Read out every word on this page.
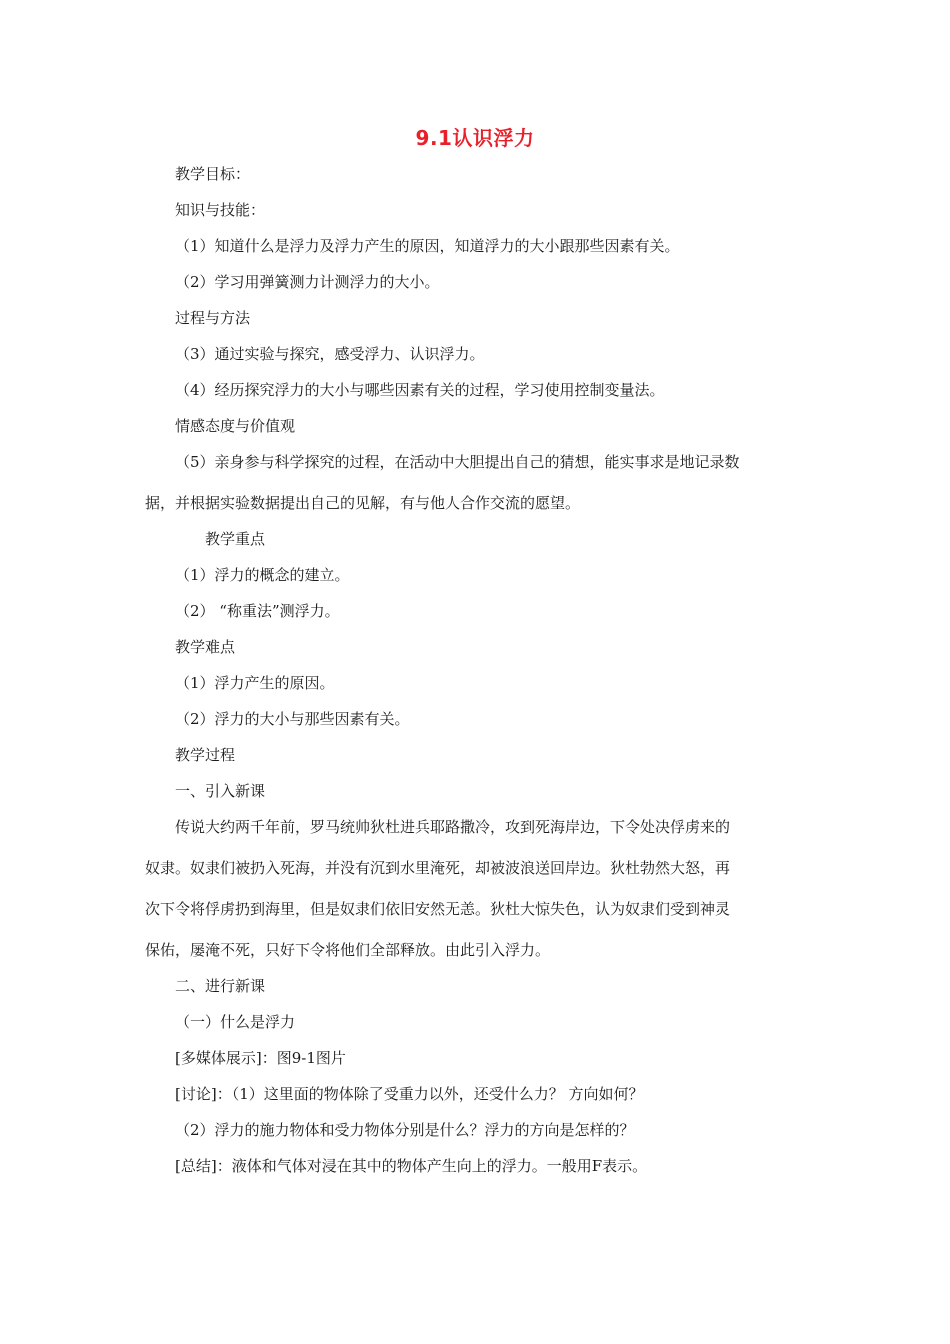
9.1认识浮力
教学目标：
知识与技能：
（1）知道什么是浮力及浮力产生的原因，知道浮力的大小跟那些因素有关。
（2）学习用弹簧测力计测浮力的大小。
过程与方法
（3）通过实验与探究，感受浮力、认识浮力。
（4）经历探究浮力的大小与哪些因素有关的过程，学习使用控制变量法。
情感态度与价值观
（5）亲身参与科学探究的过程，在活动中大胆提出自己的猜想，能实事求是地记录数
据，并根据实验数据提出自己的见解，有与他人合作交流的愿望。
教学重点
（1）浮力的概念的建立。
（2） “称重法”测浮力。
教学难点
（1）浮力产生的原因。
（2）浮力的大小与那些因素有关。
教学过程
一、引入新课
传说大约两千年前，罗马统帅狄杜进兵耶路撒冷，攻到死海岸边，下令处决俘虏来的
奴隶。奴隶们被扔入死海，并没有沉到水里淹死，却被波浪送回岸边。狄杜勃然大怒，再
次下令将俘虏扔到海里，但是奴隶们依旧安然无恙。狄杜大惊失色，认为奴隶们受到神灵
保佑，屡淹不死，只好下令将他们全部释放。由此引入浮力。
二、进行新课
（一）什么是浮力
[多媒体展示]：图9-1图片
[讨论]：（1）这里面的物体除了受重力以外，还受什么力？ 方向如何？
（2）浮力的施力物体和受力物体分别是什么？浮力的方向是怎样的？
[总结]：液体和气体对浸在其中的物体产生向上的浮力。一般用F表示。
